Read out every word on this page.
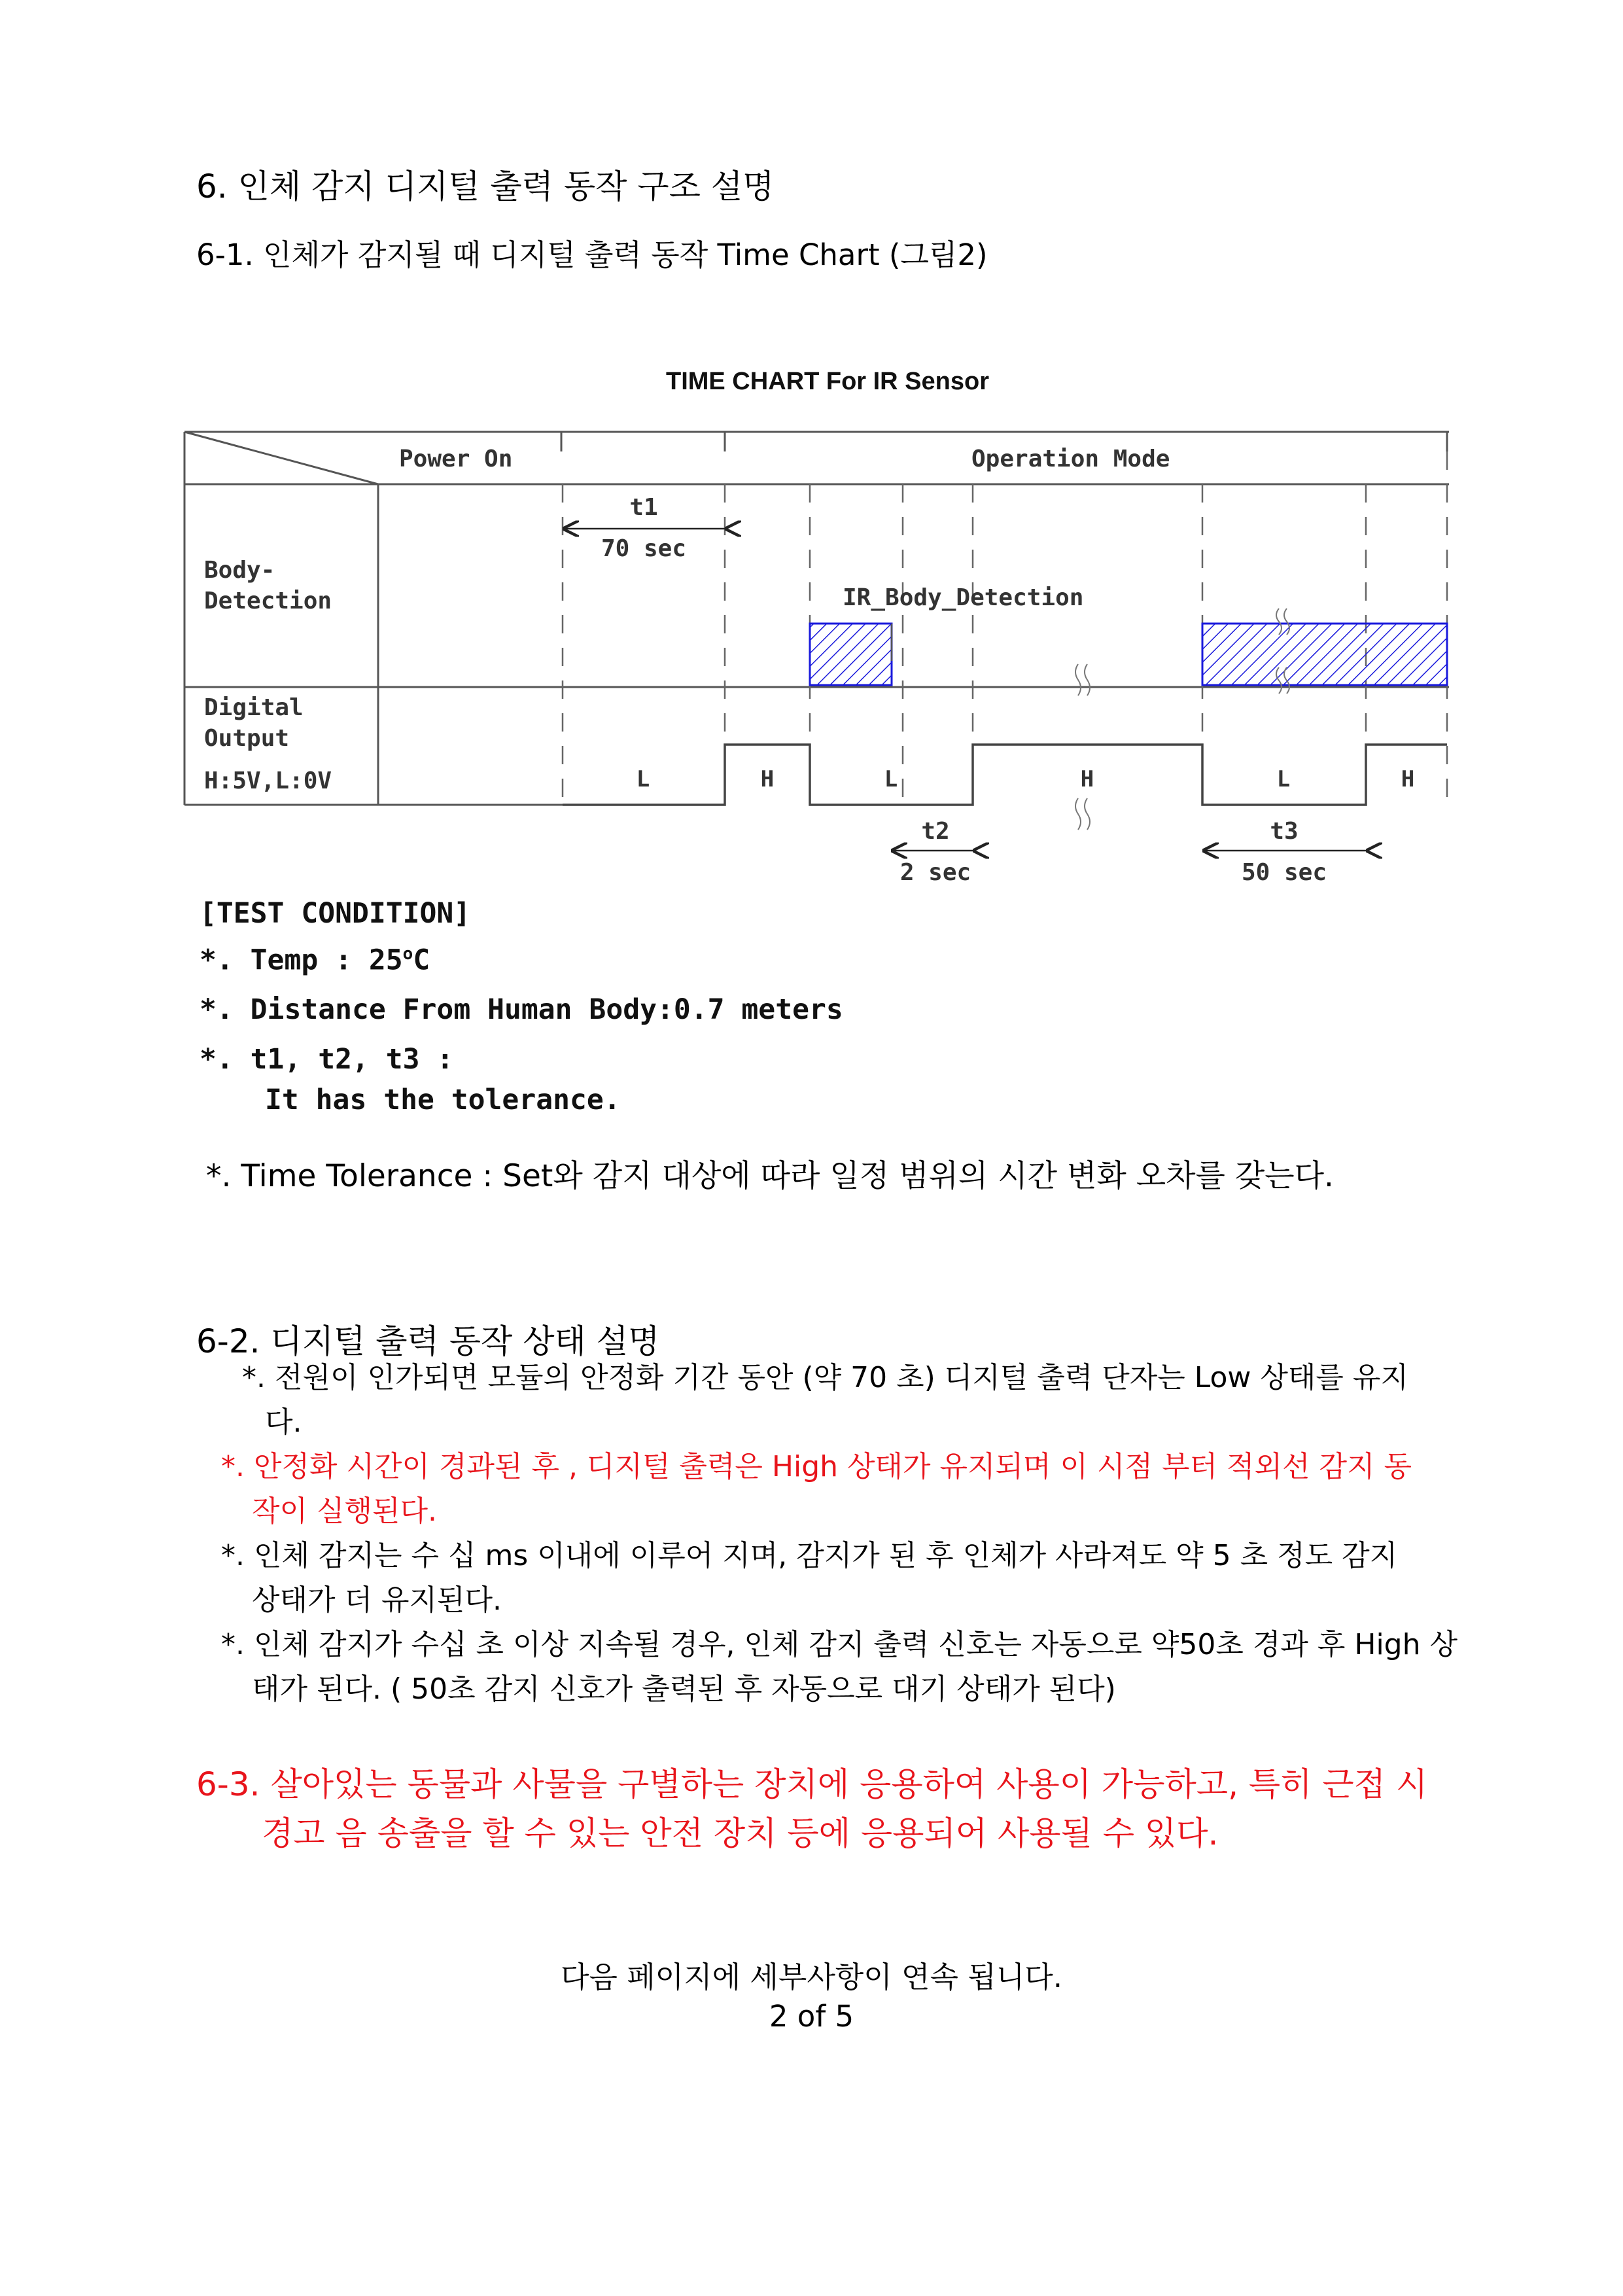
6. 인체 감지 디지털 출력 동작 구조 설명
6-1. 인체가 감지될 때 디지털 출력 동작 Time Chart (그림2)
TIME CHART For IR Sensor
Power On	Operation Mode
Body-
Detection
Digital
Output
H:5V,L:0V
IR_Body_Detection
L	H	L	H	L	H
t1
70 sec
t2
2 sec
t3
50 sec
[TEST CONDITION]
*. Temp : 25$^o$C
*. Distance From Human Body:0.7 meters
*. t1, t2, t3 :
It has the tolerance.
*. Time Tolerance : Set와 감지 대상에 따라 일정 범위의 시간 변화 오차를 갖는다.
6-2. 디지털 출력 동작 상태 설명
*. 전원이 인가되면 모듈의 안정화 기간 동안 (약 70 초) 디지털 출력 단자는 Low 상태를 유지
다.
*. 안정화 시간이 경과된 후 , 디지털 출력은 High 상태가 유지되며 이 시점 부터 적외선 감지 동
작이 실행된다.
*. 인체 감지는 수 십 ms 이내에 이루어 지며, 감지가 된 후 인체가 사라져도 약 5 초 정도 감지
상태가 더 유지된다.
*. 인체 감지가 수십 초 이상 지속될 경우, 인체 감지 출력 신호는 자동으로 약50초 경과 후 High 상
태가 된다. ( 50초 감지 신호가 출력된 후 자동으로 대기 상태가 된다)
6-3. 살아있는 동물과 사물을 구별하는 장치에 응용하여 사용이 가능하고, 특히 근접 시
경고 음 송출을 할 수 있는 안전 장치 등에 응용되어 사용될 수 있다.
다음 페이지에 세부사항이 연속 됩니다.
2 of 5
